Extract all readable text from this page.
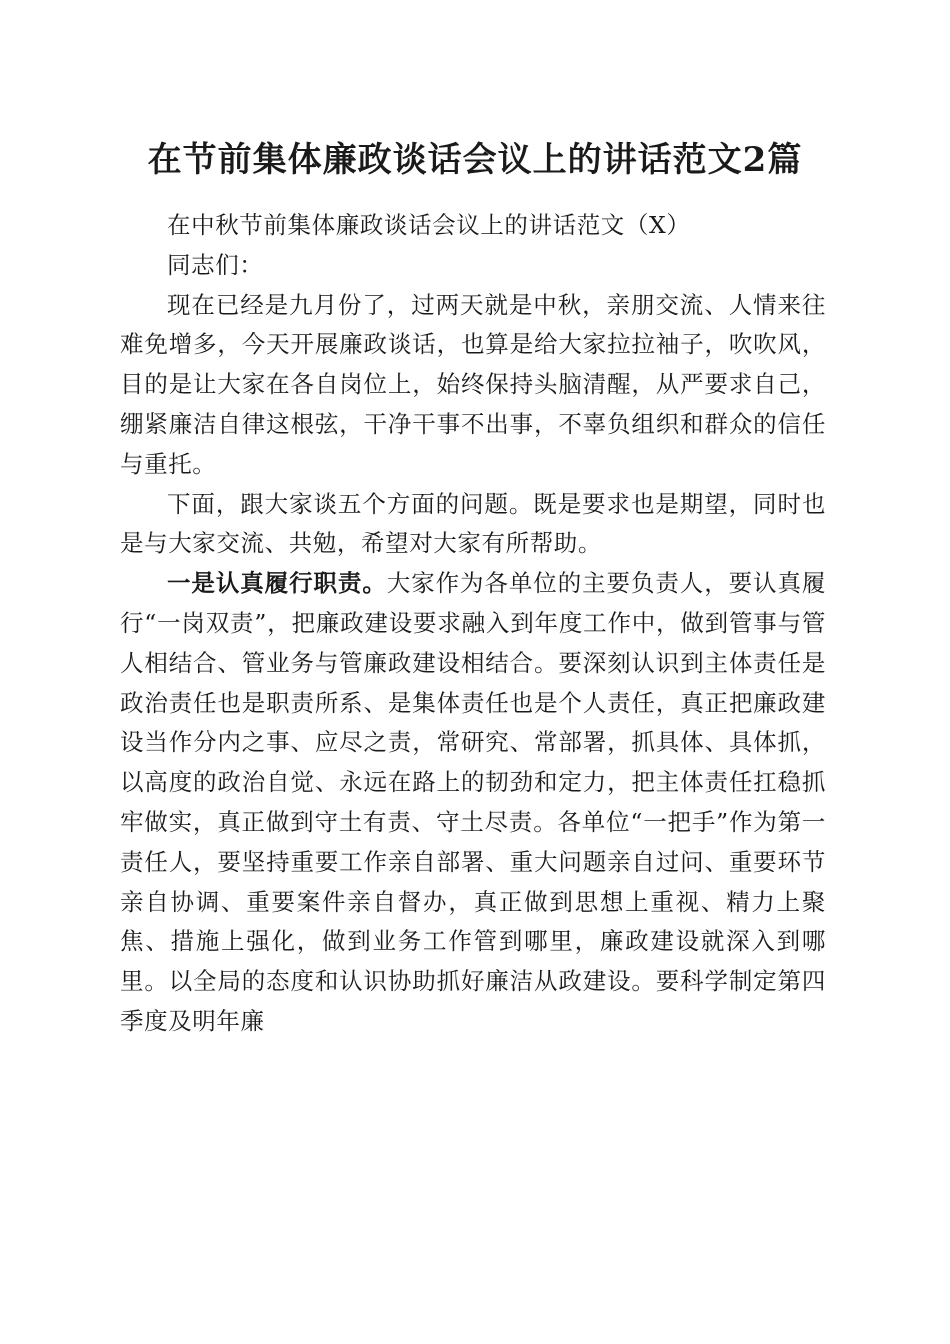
在节前集体廉政谈话会议上的讲话范文2篇

在中秋节前集体廉政谈话会议上的讲话范文（X）

同志们：

现在已经是九月份了，过两天就是中秋，亲朋交流、人情来往难免增多，今天开展廉政谈话，也算是给大家拉拉袖子，吹吹风，目的是让大家在各自岗位上，始终保持头脑清醒，从严要求自己，绷紧廉洁自律这根弦，干净干事不出事，不辜负组织和群众的信任与重托。

下面，跟大家谈五个方面的问题。既是要求也是期望，同时也是与大家交流、共勉，希望对大家有所帮助。

一是认真履行职责。大家作为各单位的主要负责人，要认真履行“一岗双责”，把廉政建设要求融入到年度工作中，做到管事与管人相结合、管业务与管廉政建设相结合。要深刻认识到主体责任是政治责任也是职责所系、是集体责任也是个人责任，真正把廉政建设当作分内之事、应尽之责，常研究、常部署，抓具体、具体抓，以高度的政治自觉、永远在路上的韧劲和定力，把主体责任扛稳抓牢做实，真正做到守土有责、守土尽责。各单位“一把手”作为第一责任人，要坚持重要工作亲自部署、重大问题亲自过问、重要环节亲自协调、重要案件亲自督办，真正做到思想上重视、精力上聚焦、措施上强化，做到业务工作管到哪里，廉政建设就深入到哪里。以全局的态度和认识协助抓好廉洁从政建设。要科学制定第四季度及明年廉
